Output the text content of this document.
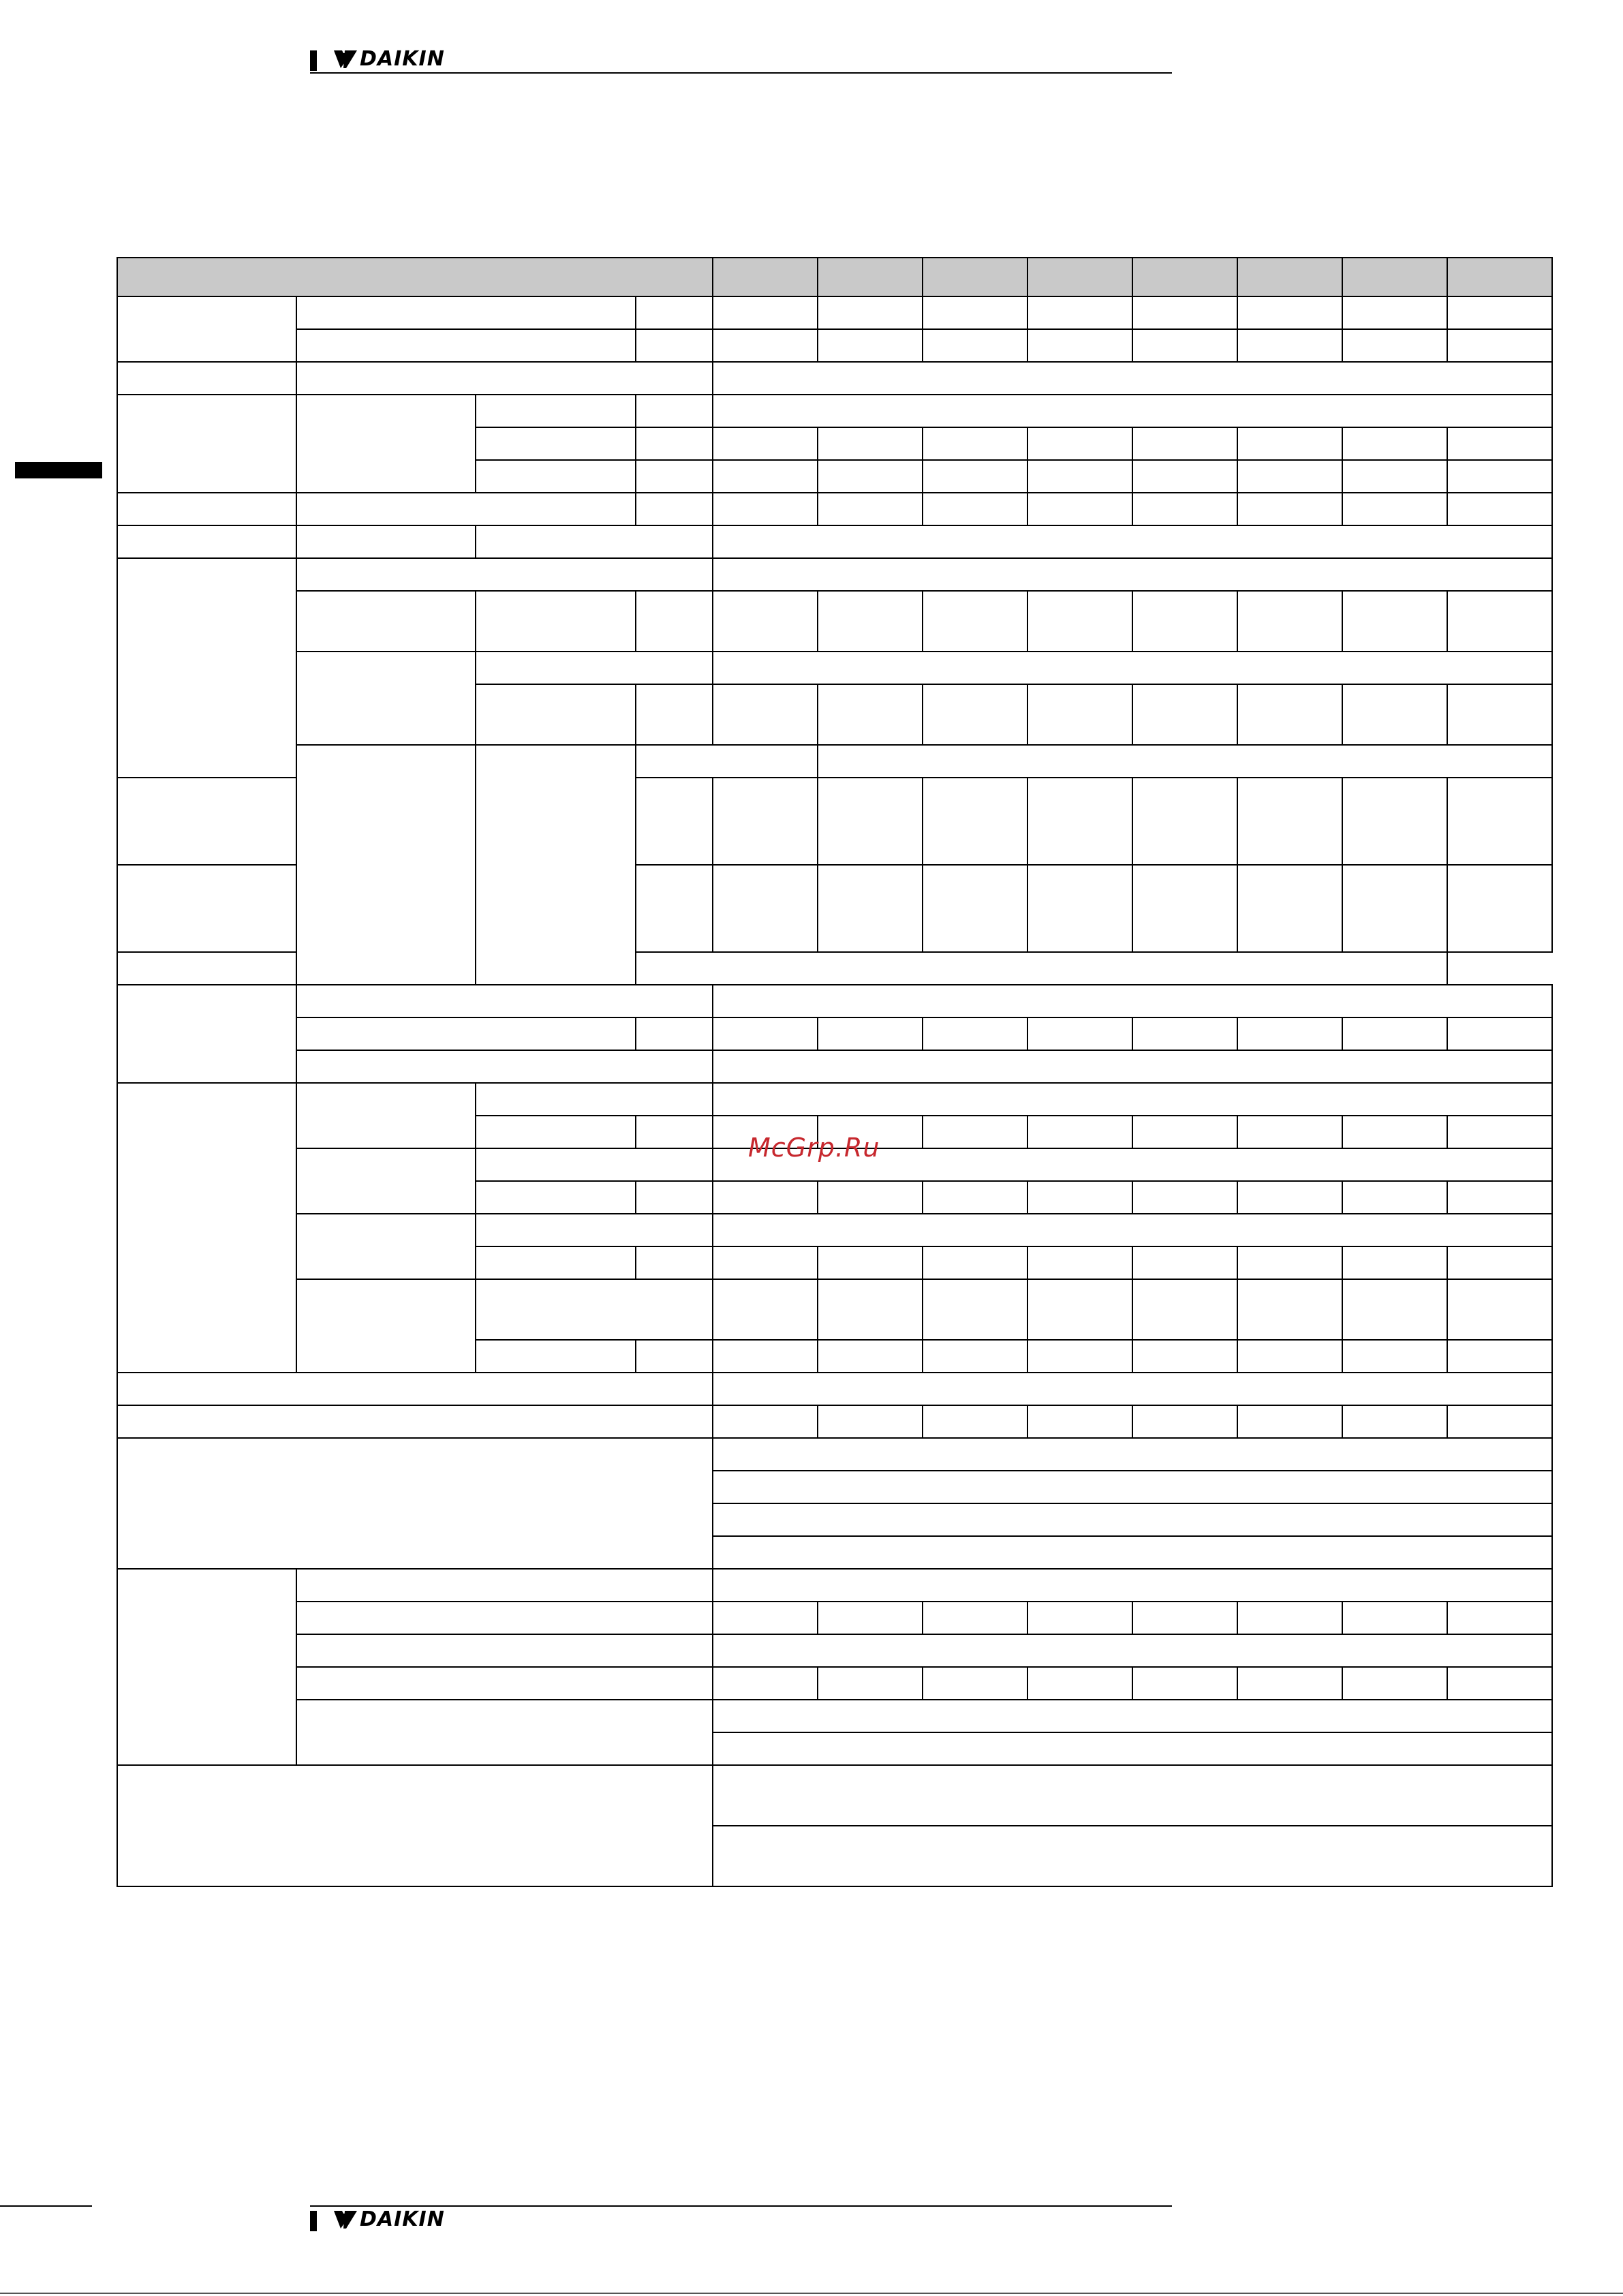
DAIKIN

McGrp.Ru
DAIKIN
